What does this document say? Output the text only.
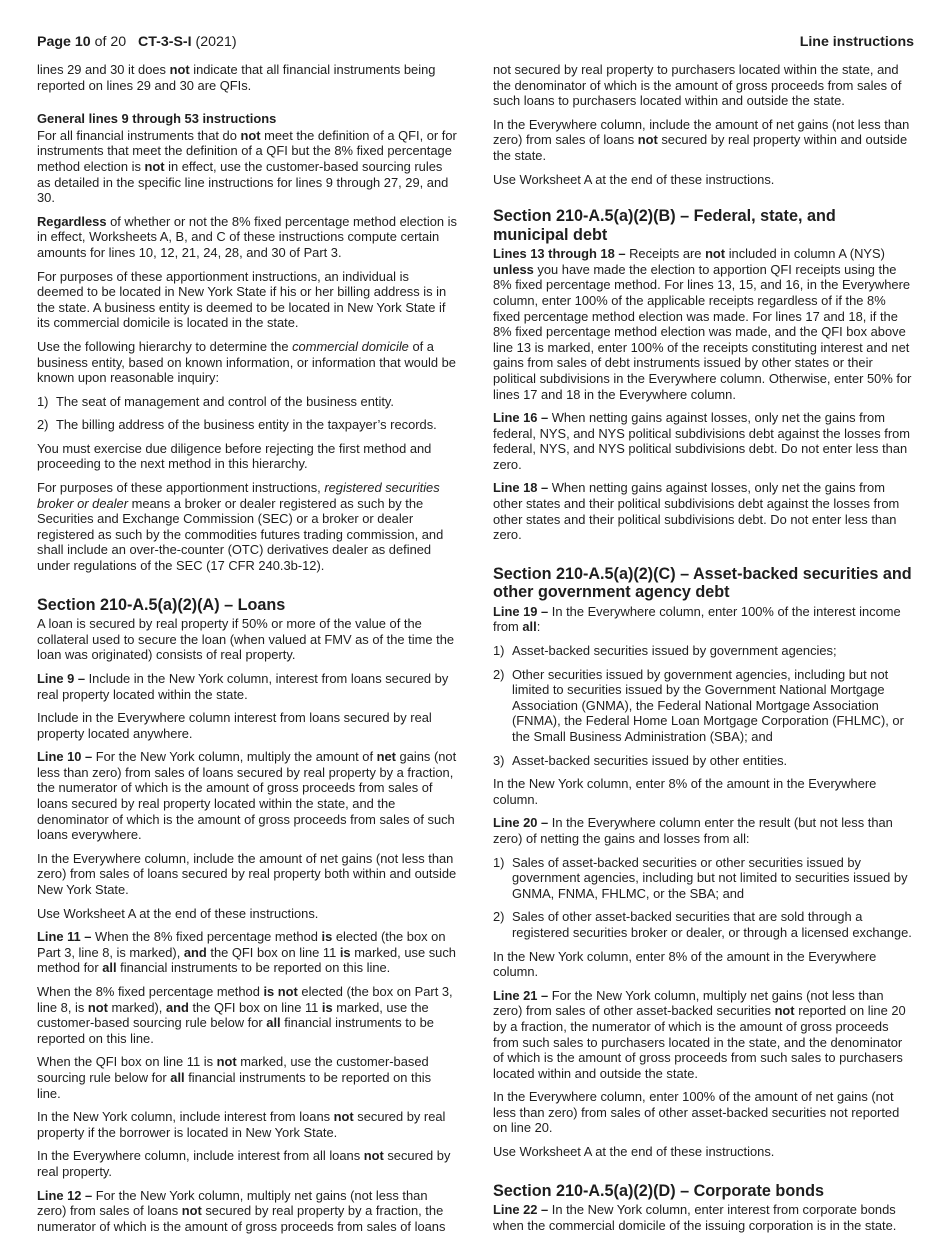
Page 10 of 20 CT-3-S-I (2021)	Line instructions

lines 29 and 30 it does not indicate that all financial instruments being reported on lines 29 and 30 are QFIs.

General lines 9 through 53 instructions

For all financial instruments that do not meet the definition of a QFI, or for instruments that meet the definition of a QFI but the 8% fixed percentage method election is not in effect, use the customer-based sourcing rules as detailed in the specific line instructions for lines 9 through 27, 29, and 30.

Regardless of whether or not the 8% fixed percentage method election is in effect, Worksheets A, B, and C of these instructions compute certain amounts for lines 10, 12, 21, 24, 28, and 30 of Part 3.

For purposes of these apportionment instructions, an individual is deemed to be located in New York State if his or her billing address is in the state. A business entity is deemed to be located in New York State if its commercial domicile is located in the state.

Use the following hierarchy to determine the commercial domicile of a business entity, based on known information, or information that would be known upon reasonable inquiry:

1) The seat of management and control of the business entity.
2) The billing address of the business entity in the taxpayer’s records.

You must exercise due diligence before rejecting the first method and proceeding to the next method in this hierarchy.

For purposes of these apportionment instructions, registered securities broker or dealer means a broker or dealer registered as such by the Securities and Exchange Commission (SEC) or a broker or dealer registered as such by the commodities futures trading commission, and shall include an over-the-counter (OTC) derivatives dealer as defined under regulations of the SEC (17 CFR 240.3b-12).

Section 210-A.5(a)(2)(A) – Loans

A loan is secured by real property if 50% or more of the value of the collateral used to secure the loan (when valued at FMV as of the time the loan was originated) consists of real property.

Line 9 – Include in the New York column, interest from loans secured by real property located within the state.

Include in the Everywhere column interest from loans secured by real property located anywhere.

Line 10 – For the New York column, multiply the amount of net gains (not less than zero) from sales of loans secured by real property by a fraction, the numerator of which is the amount of gross proceeds from sales of loans secured by real property located within the state, and the denominator of which is the amount of gross proceeds from sales of such loans everywhere.

In the Everywhere column, include the amount of net gains (not less than zero) from sales of loans secured by real property both within and outside New York State.

Use Worksheet A at the end of these instructions.

Line 11 – When the 8% fixed percentage method is elected (the box on Part 3, line 8, is marked), and the QFI box on line 11 is marked, use such method for all financial instruments to be reported on this line.

When the 8% fixed percentage method is not elected (the box on Part 3, line 8, is not marked), and the QFI box on line 11 is marked, use the customer-based sourcing rule below for all financial instruments to be reported on this line.

When the QFI box on line 11 is not marked, use the customer-based sourcing rule below for all financial instruments to be reported on this line.

In the New York column, include interest from loans not secured by real property if the borrower is located in New York State.

In the Everywhere column, include interest from all loans not secured by real property.

Line 12 – For the New York column, multiply net gains (not less than zero) from sales of loans not secured by real property by a fraction, the numerator of which is the amount of gross proceeds from sales of loans

not secured by real property to purchasers located within the state, and the denominator of which is the amount of gross proceeds from sales of such loans to purchasers located within and outside the state.

In the Everywhere column, include the amount of net gains (not less than zero) from sales of loans not secured by real property within and outside the state.

Use Worksheet A at the end of these instructions.

Section 210-A.5(a)(2)(B) – Federal, state, and municipal debt

Lines 13 through 18 – Receipts are not included in column A (NYS) unless you have made the election to apportion QFI receipts using the 8% fixed percentage method. For lines 13, 15, and 16, in the Everywhere column, enter 100% of the applicable receipts regardless of if the 8% fixed percentage method election was made. For lines 17 and 18, if the 8% fixed percentage method election was made, and the QFI box above line 13 is marked, enter 100% of the receipts constituting interest and net gains from sales of debt instruments issued by other states or their political subdivisions in the Everywhere column. Otherwise, enter 50% for lines 17 and 18 in the Everywhere column.

Line 16 – When netting gains against losses, only net the gains from federal, NYS, and NYS political subdivisions debt against the losses from federal, NYS, and NYS political subdivisions debt. Do not enter less than zero.

Line 18 – When netting gains against losses, only net the gains from other states and their political subdivisions debt against the losses from other states and their political subdivisions debt. Do not enter less than zero.

Section 210-A.5(a)(2)(C) – Asset-backed securities and other government agency debt

Line 19 – In the Everywhere column, enter 100% of the interest income from all:

1) Asset-backed securities issued by government agencies;
2) Other securities issued by government agencies, including but not limited to securities issued by the Government National Mortgage Association (GNMA), the Federal National Mortgage Association (FNMA), the Federal Home Loan Mortgage Corporation (FHLMC), or the Small Business Administration (SBA); and
3) Asset-backed securities issued by other entities.

In the New York column, enter 8% of the amount in the Everywhere column.

Line 20 – In the Everywhere column enter the result (but not less than zero) of netting the gains and losses from all:

1) Sales of asset-backed securities or other securities issued by government agencies, including but not limited to securities issued by GNMA, FNMA, FHLMC, or the SBA; and
2) Sales of other asset-backed securities that are sold through a registered securities broker or dealer, or through a licensed exchange.

In the New York column, enter 8% of the amount in the Everywhere column.

Line 21 – For the New York column, multiply net gains (not less than zero) from sales of other asset-backed securities not reported on line 20 by a fraction, the numerator of which is the amount of gross proceeds from such sales to purchasers located in the state, and the denominator of which is the amount of gross proceeds from such sales to purchasers located within and outside the state.

In the Everywhere column, enter 100% of the amount of net gains (not less than zero) from sales of other asset-backed securities not reported on line 20.

Use Worksheet A at the end of these instructions.

Section 210-A.5(a)(2)(D) – Corporate bonds

Line 22 – In the New York column, enter interest from corporate bonds when the commercial domicile of the issuing corporation is in the state.
